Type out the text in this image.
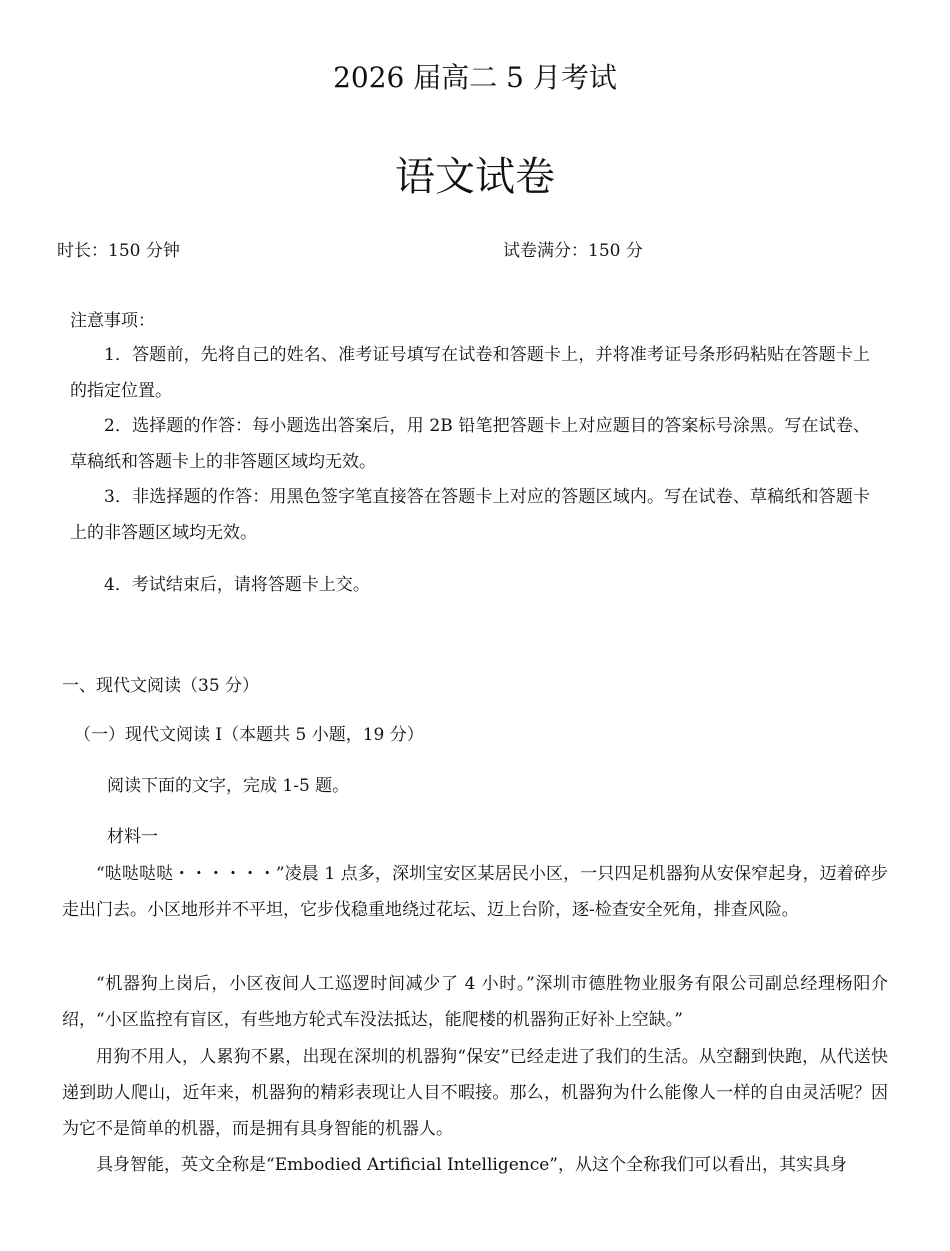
2026 届高二 5 月考试
语文试卷
时长：150 分钟	试卷满分：150 分
注意事项：
1．答题前，先将自己的姓名、准考证号填写在试卷和答题卡上，并将准考证号条形码粘贴在答题卡上的指定位置。
2．选择题的作答：每小题选出答案后，用 2B 铅笔把答题卡上对应题目的答案标号涂黑。写在试卷、草稿纸和答题卡上的非答题区域均无效。
3．非选择题的作答：用黑色签字笔直接答在答题卡上对应的答题区域内。写在试卷、草稿纸和答题卡上的非答题区域均无效。
4．考试结束后，请将答题卡上交。
一、现代文阅读（35 分）
（一）现代文阅读 I（本题共 5 小题，19 分）
阅读下面的文字，完成 1-5 题。
材料一
“哒哒哒哒・・・・・・”凌晨 1 点多，深圳宝安区某居民小区，一只四足机器狗从安保窄起身，迈着碎步走出门去。小区地形并不平坦，它步伐稳重地绕过花坛、迈上台阶，逐-检查安全死角，排查风险。
“机器狗上岗后，小区夜间人工巡逻时间减少了 4 小时。”深圳市德胜物业服务有限公司副总经理杨阳介绍，“小区监控有盲区，有些地方轮式车没法抵达，能爬楼的机器狗正好补上空缺。”
用狗不用人，人累狗不累，出现在深圳的机器狗“保安”已经走进了我们的生活。从空翻到快跑，从代送快递到助人爬山，近年来，机器狗的精彩表现让人目不暇接。那么，机器狗为什么能像人一样的自由灵活呢？因为它不是简单的机器，而是拥有具身智能的机器人。
具身智能，英文全称是“Embodied Artificial Intelligence”，从这个全称我们可以看出，其实具身
